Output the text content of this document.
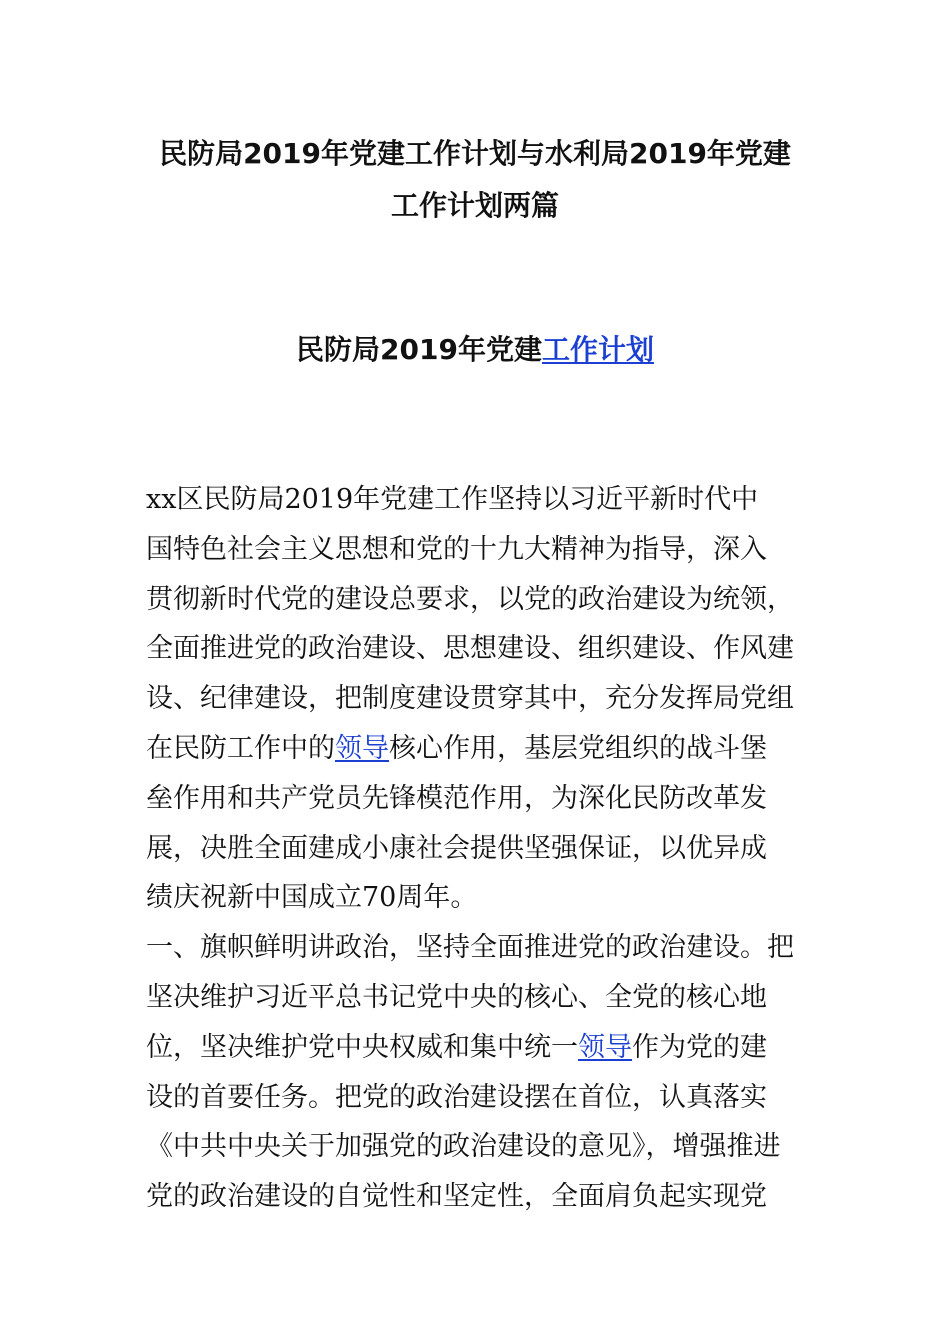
民防局2019年党建工作计划与水利局2019年党建
工作计划两篇
民防局2019年党建工作计划
xx区民防局2019年党建工作坚持以习近平新时代中
国特色社会主义思想和党的十九大精神为指导，深入
贯彻新时代党的建设总要求，以党的政治建设为统领，
全面推进党的政治建设、思想建设、组织建设、作风建
设、纪律建设，把制度建设贯穿其中，充分发挥局党组
在民防工作中的领导核心作用，基层党组织的战斗堡
垒作用和共产党员先锋模范作用，为深化民防改革发
展，决胜全面建成小康社会提供坚强保证，以优异成
绩庆祝新中国成立70周年。
一、旗帜鲜明讲政治，坚持全面推进党的政治建设。把
坚决维护习近平总书记党中央的核心、全党的核心地
位，坚决维护党中央权威和集中统一领导作为党的建
设的首要任务。把党的政治建设摆在首位，认真落实
《中共中央关于加强党的政治建设的意见》，增强推进
党的政治建设的自觉性和坚定性，全面肩负起实现党
